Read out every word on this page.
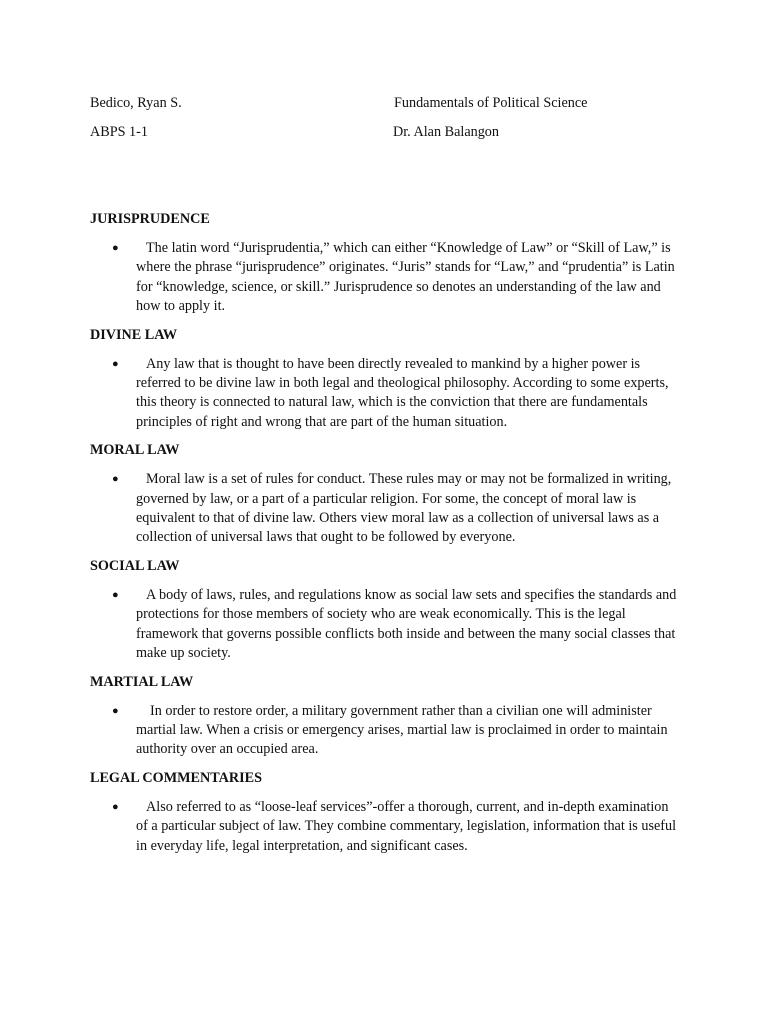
Bedico, Ryan S.	Fundamentals of Political Science
ABPS 1-1	Dr. Alan Balangon
JURISPRUDENCE
●	The latin word “Jurisprudentia,” which can either “Knowledge of Law” or “Skill of Law,” is where the phrase “jurisprudence” originates. “Juris” stands for “Law,” and “prudentia” is Latin for “knowledge, science, or skill.” Jurisprudence so denotes an understanding of the law and how to apply it.

DIVINE LAW
●	Any law that is thought to have been directly revealed to mankind by a higher power is referred to be divine law in both legal and theological philosophy. According to some experts, this theory is connected to natural law, which is the conviction that there are fundamentals principles of right and wrong that are part of the human situation.

MORAL LAW
●	Moral law is a set of rules for conduct. These rules may or may not be formalized in writing, governed by law, or a part of a particular religion. For some, the concept of moral law is equivalent to that of divine law. Others view moral law as a collection of universal laws as a collection of universal laws that ought to be followed by everyone.

SOCIAL LAW
●	A body of laws, rules, and regulations know as social law sets and specifies the standards and protections for those members of society who are weak economically. This is the legal framework that governs possible conflicts both inside and between the many social classes that make up society.

MARTIAL LAW
●	In order to restore order, a military government rather than a civilian one will administer martial law. When a crisis or emergency arises, martial law is proclaimed in order to maintain authority over an occupied area.

LEGAL COMMENTARIES
●	Also referred to as “loose-leaf services”-offer a thorough, current, and in-depth examination of a particular subject of law. They combine commentary, legislation, information that is useful in everyday life, legal interpretation, and significant cases.
